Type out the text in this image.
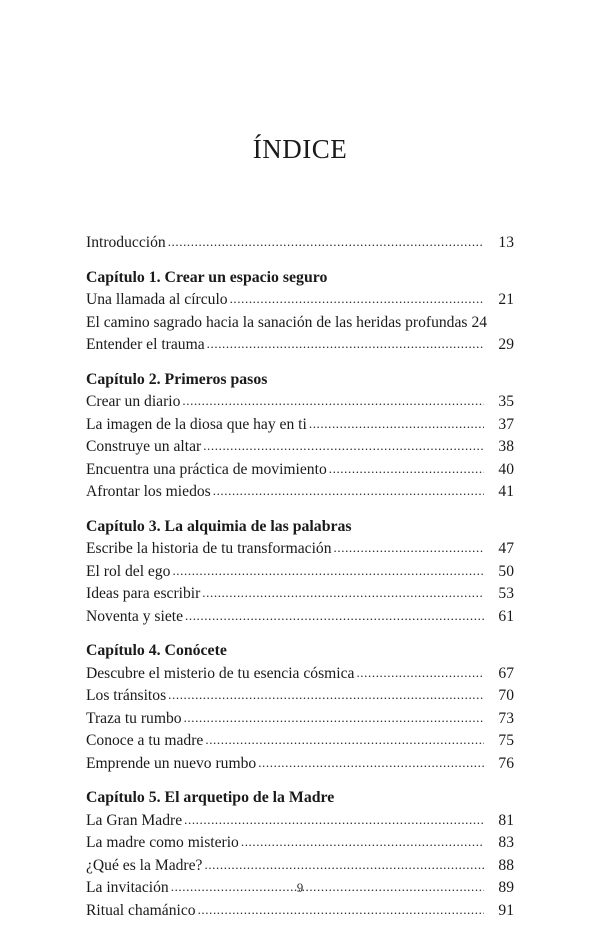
ÍNDICE
Introducción .....	13
Capítulo 1. Crear un espacio seguro
Una llamada al círculo .....	21
El camino sagrado hacia la sanación de las heridas profundas 24
Entender el trauma .....	29
Capítulo 2. Primeros pasos
Crear un diario .....	35
La imagen de la diosa que hay en ti .....	37
Construye un altar .....	38
Encuentra una práctica de movimiento .....	40
Afrontar los miedos .....	41
Capítulo 3. La alquimia de las palabras
Escribe la historia de tu transformación .....	47
El rol del ego .....	50
Ideas para escribir .....	53
Noventa y siete .....	61
Capítulo 4. Conócete
Descubre el misterio de tu esencia cósmica .....	67
Los tránsitos .....	70
Traza tu rumbo .....	73
Conoce a tu madre .....	75
Emprende un nuevo rumbo .....	76
Capítulo 5. El arquetipo de la Madre
La Gran Madre .....	81
La madre como misterio .....	83
¿Qué es la Madre? .....	88
La invitación .....	89
Ritual chamánico .....	91
9
